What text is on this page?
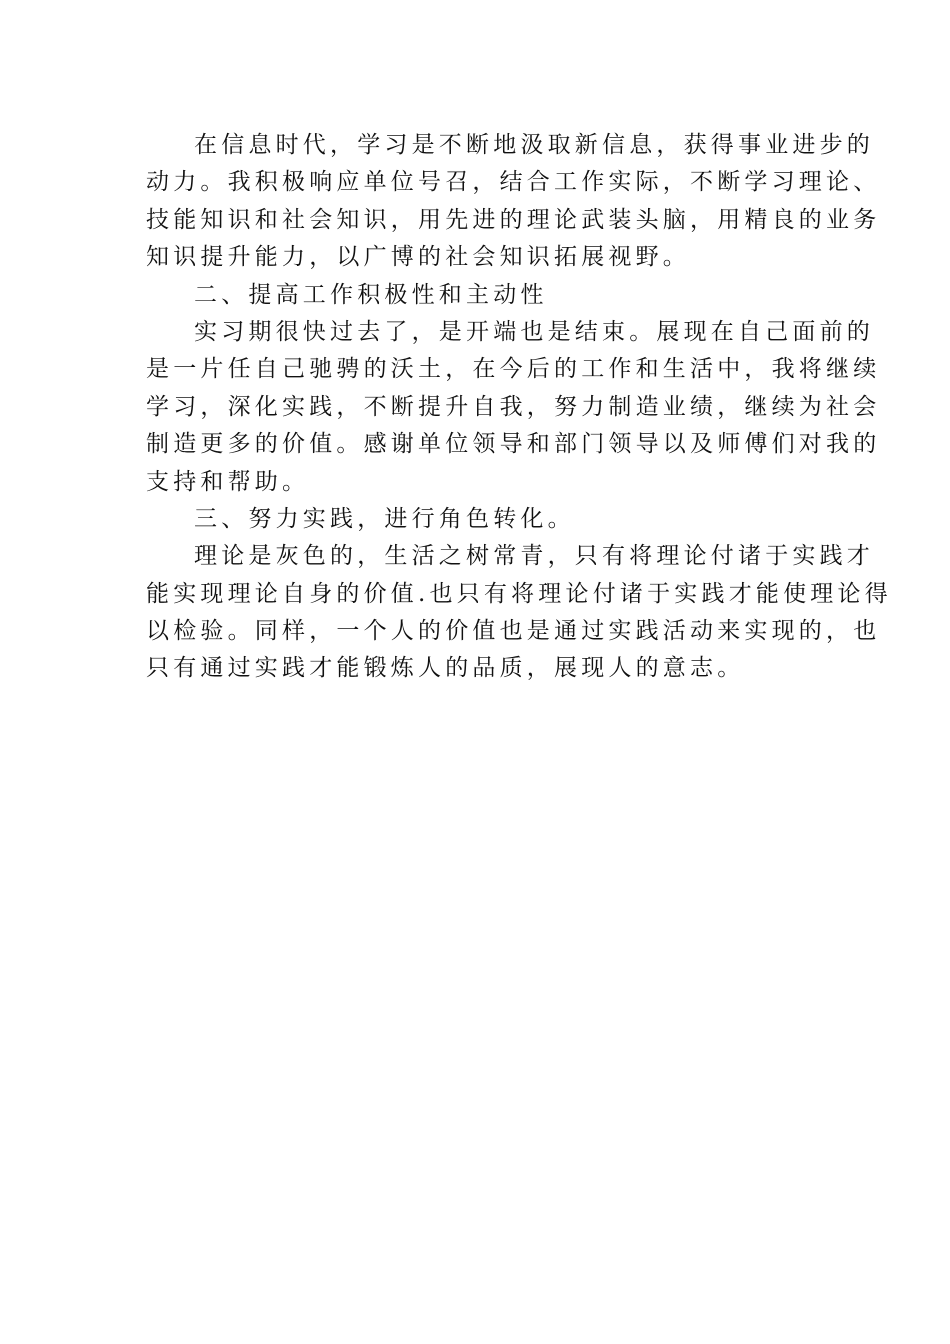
在信息时代，学习是不断地汲取新信息，获得事业进步的
动力。我积极响应单位号召，结合工作实际，不断学习理论、
技能知识和社会知识，用先进的理论武装头脑，用精良的业务
知识提升能力，以广博的社会知识拓展视野。
二、提高工作积极性和主动性
实习期很快过去了，是开端也是结束。展现在自己面前的
是一片任自己驰骋的沃土，在今后的工作和生活中，我将继续
学习，深化实践，不断提升自我，努力制造业绩，继续为社会
制造更多的价值。感谢单位领导和部门领导以及师傅们对我的
支持和帮助。
三、努力实践，进行角色转化。
理论是灰色的，生活之树常青，只有将理论付诸于实践才
能实现理论自身的价值.也只有将理论付诸于实践才能使理论得
以检验。同样，一个人的价值也是通过实践活动来实现的，也
只有通过实践才能锻炼人的品质，展现人的意志。
